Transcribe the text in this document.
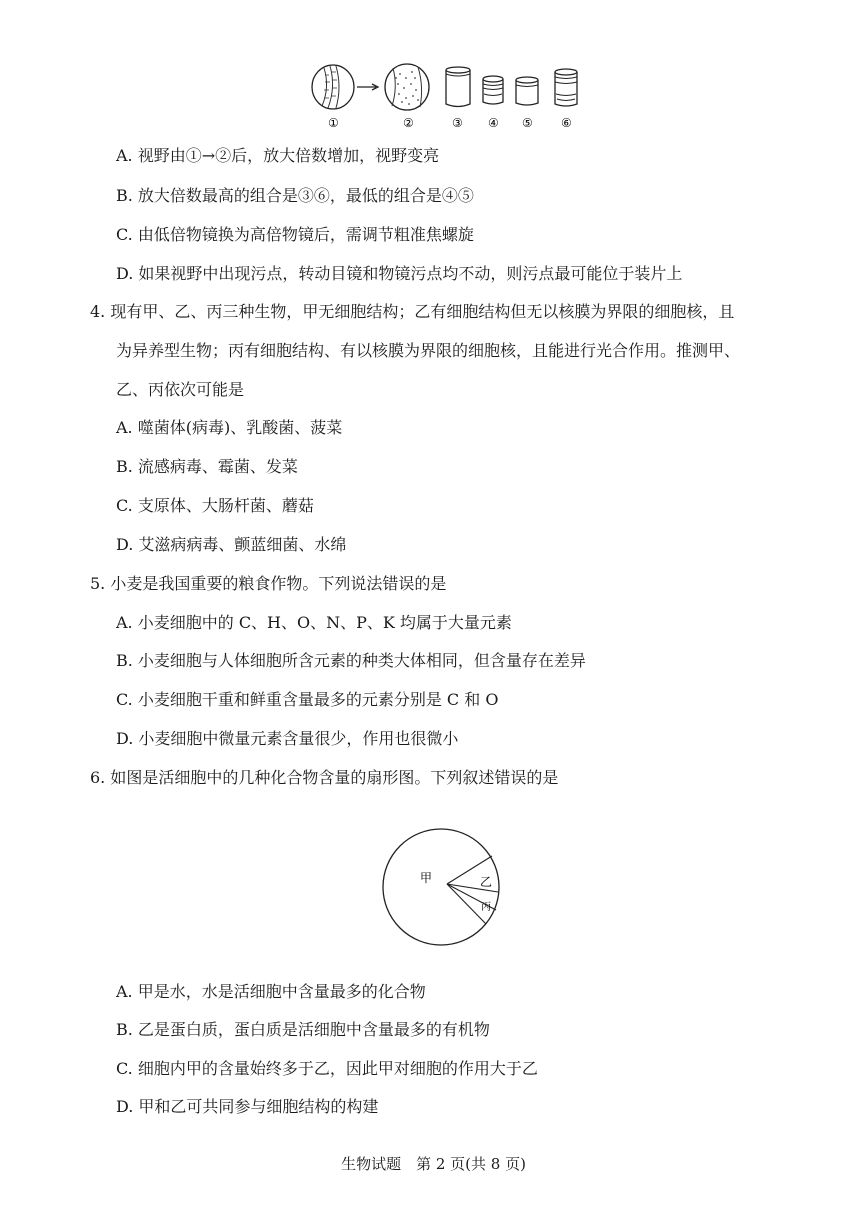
①	②	③ ④ ⑤ ⑥
A. 视野由①→②后，放大倍数增加，视野变亮
B. 放大倍数最高的组合是③⑥，最低的组合是④⑤
C. 由低倍物镜换为高倍物镜后，需调节粗准焦螺旋
D. 如果视野中出现污点，转动目镜和物镜污点均不动，则污点最可能位于装片上
4. 现有甲、乙、丙三种生物，甲无细胞结构；乙有细胞结构但无以核膜为界限的细胞核，且
为异养型生物；丙有细胞结构、有以核膜为界限的细胞核，且能进行光合作用。推测甲、
乙、丙依次可能是
A. 噬菌体(病毒)、乳酸菌、菠菜
B. 流感病毒、霉菌、发菜
C. 支原体、大肠杆菌、蘑菇
D. 艾滋病病毒、颤蓝细菌、水绵
5. 小麦是我国重要的粮食作物。下列说法错误的是
A. 小麦细胞中的 C、H、O、N、P、K 均属于大量元素
B. 小麦细胞与人体细胞所含元素的种类大体相同，但含量存在差异
C. 小麦细胞干重和鲜重含量最多的元素分别是 C 和 O
D. 小麦细胞中微量元素含量很少，作用也很微小
6. 如图是活细胞中的几种化合物含量的扇形图。下列叙述错误的是
甲	乙
丙
A. 甲是水，水是活细胞中含量最多的化合物
B. 乙是蛋白质，蛋白质是活细胞中含量最多的有机物
C. 细胞内甲的含量始终多于乙，因此甲对细胞的作用大于乙
D. 甲和乙可共同参与细胞结构的构建
生物试题　第 2 页(共 8 页)
